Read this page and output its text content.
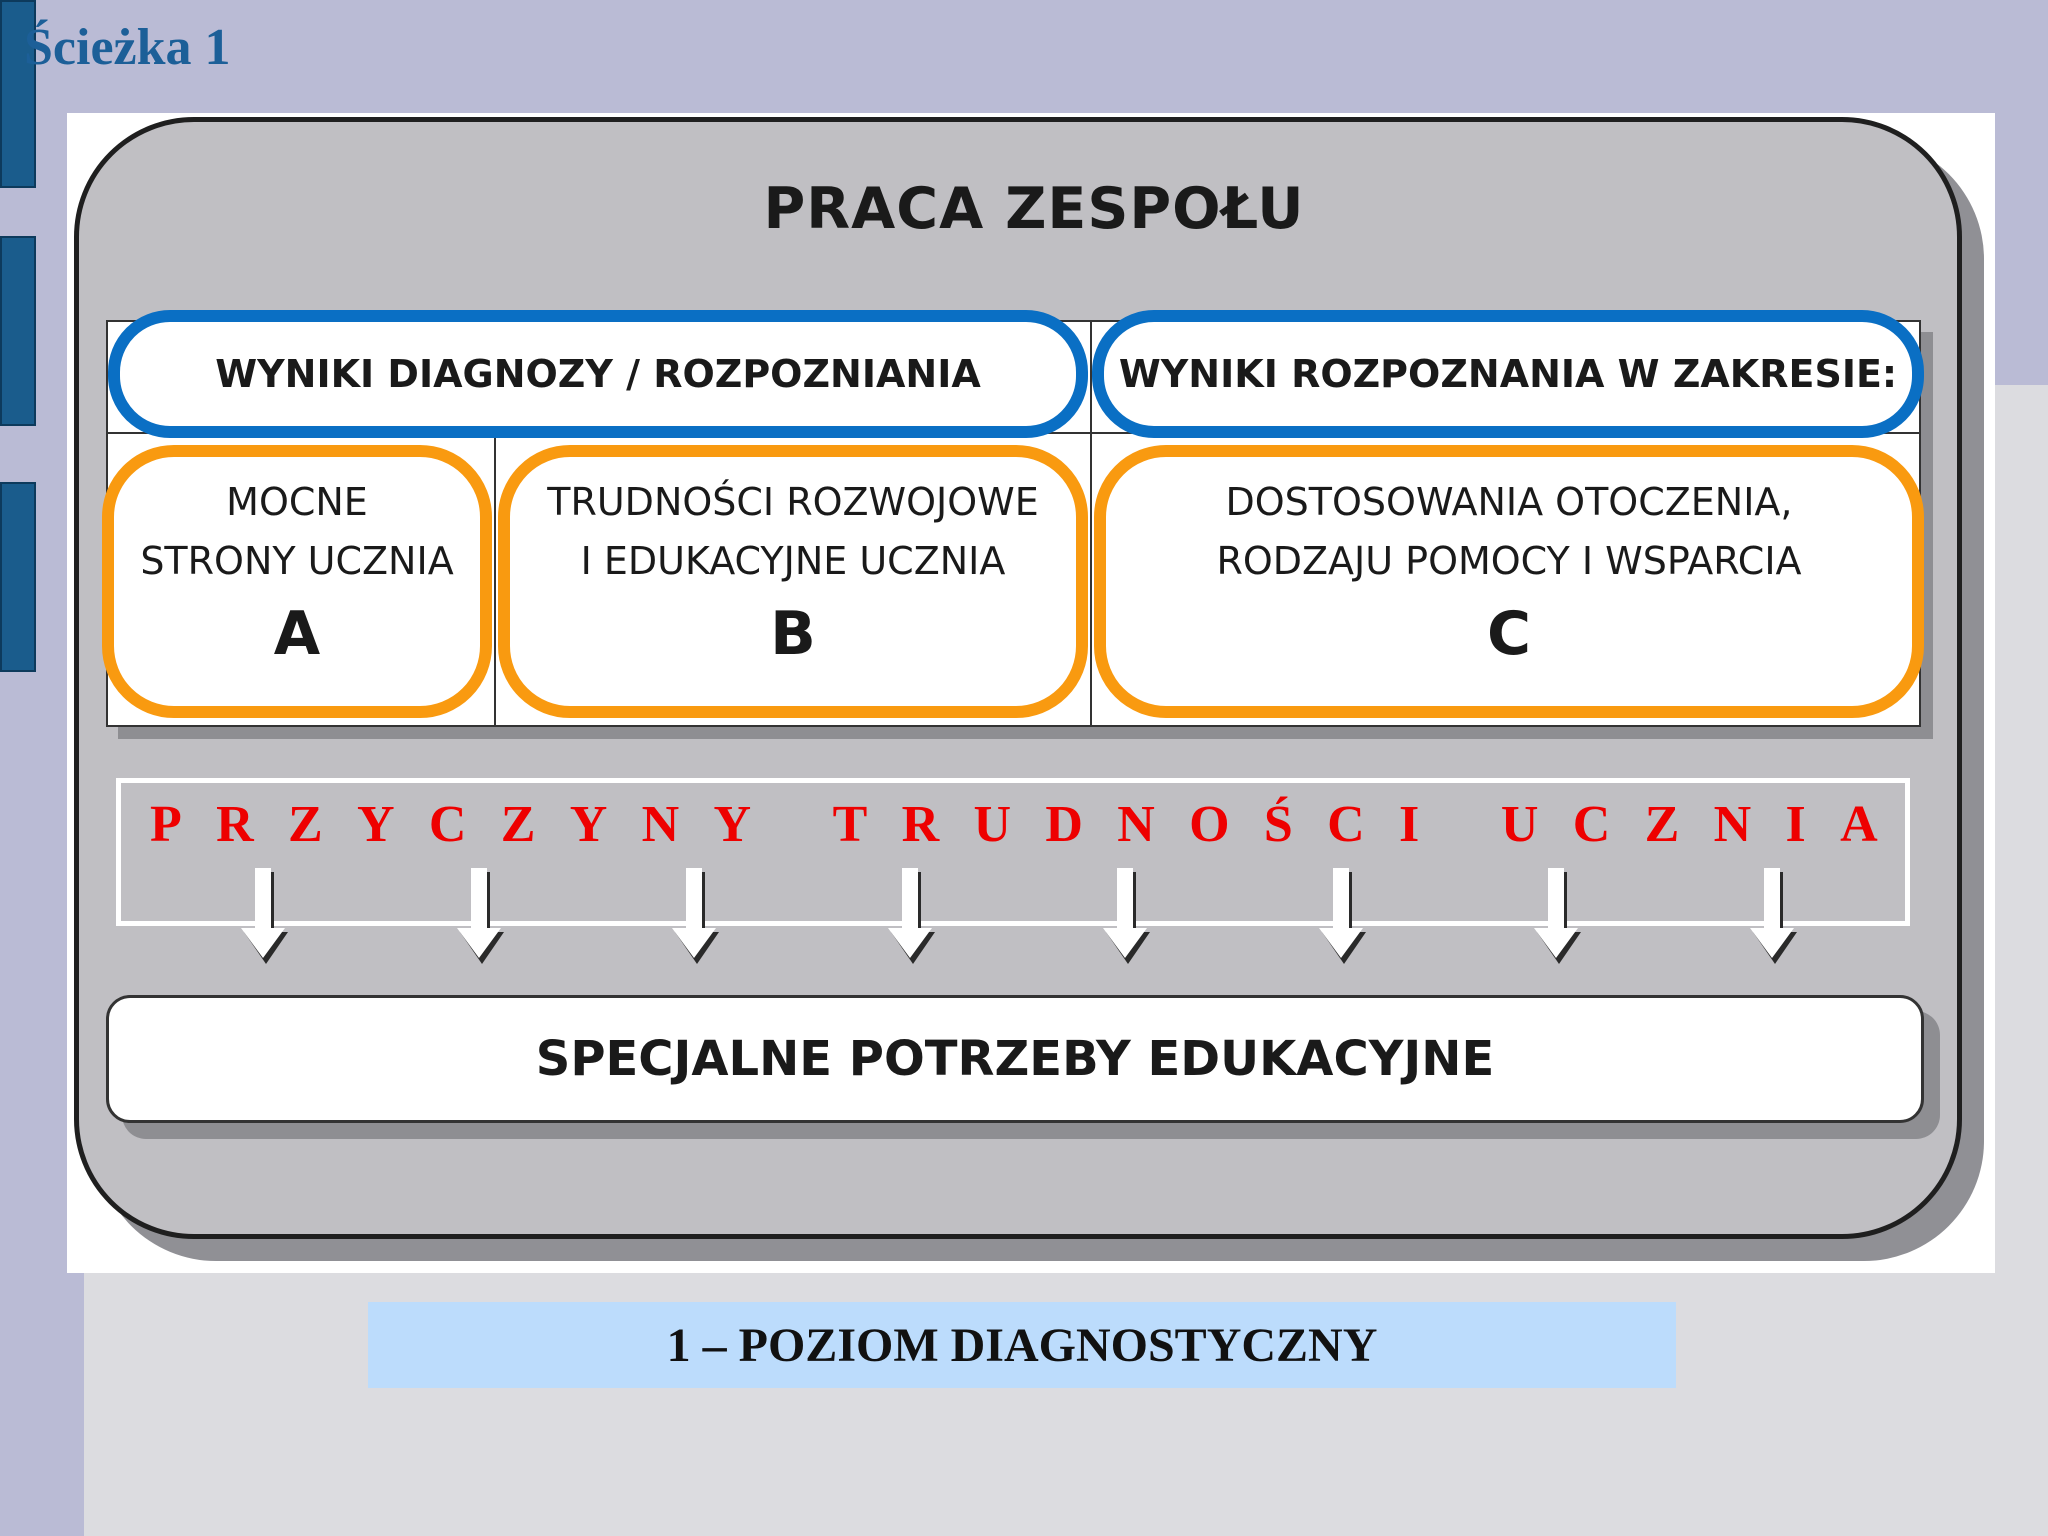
Ścieżka 1
PRACA ZESPOŁU
WYNIKI DIAGNOZY / ROZPOZNIANIA	WYNIKI ROZPOZNANIA W ZAKRESIE:
MOCNE
STRONY UCZNIA
A
TRUDNOŚCI ROZWOJOWE
I EDUKACYJNE UCZNIA
B
DOSTOSOWANIA OTOCZENIA,
RODZAJU POMOCY I WSPARCIA
C
P R Z Y C Z Y N Y
T R U D N O Ś C I
U C Z N I A
SPECJALNE POTRZEBY EDUKACYJNE
1 – POZIOM DIAGNOSTYCZNY
